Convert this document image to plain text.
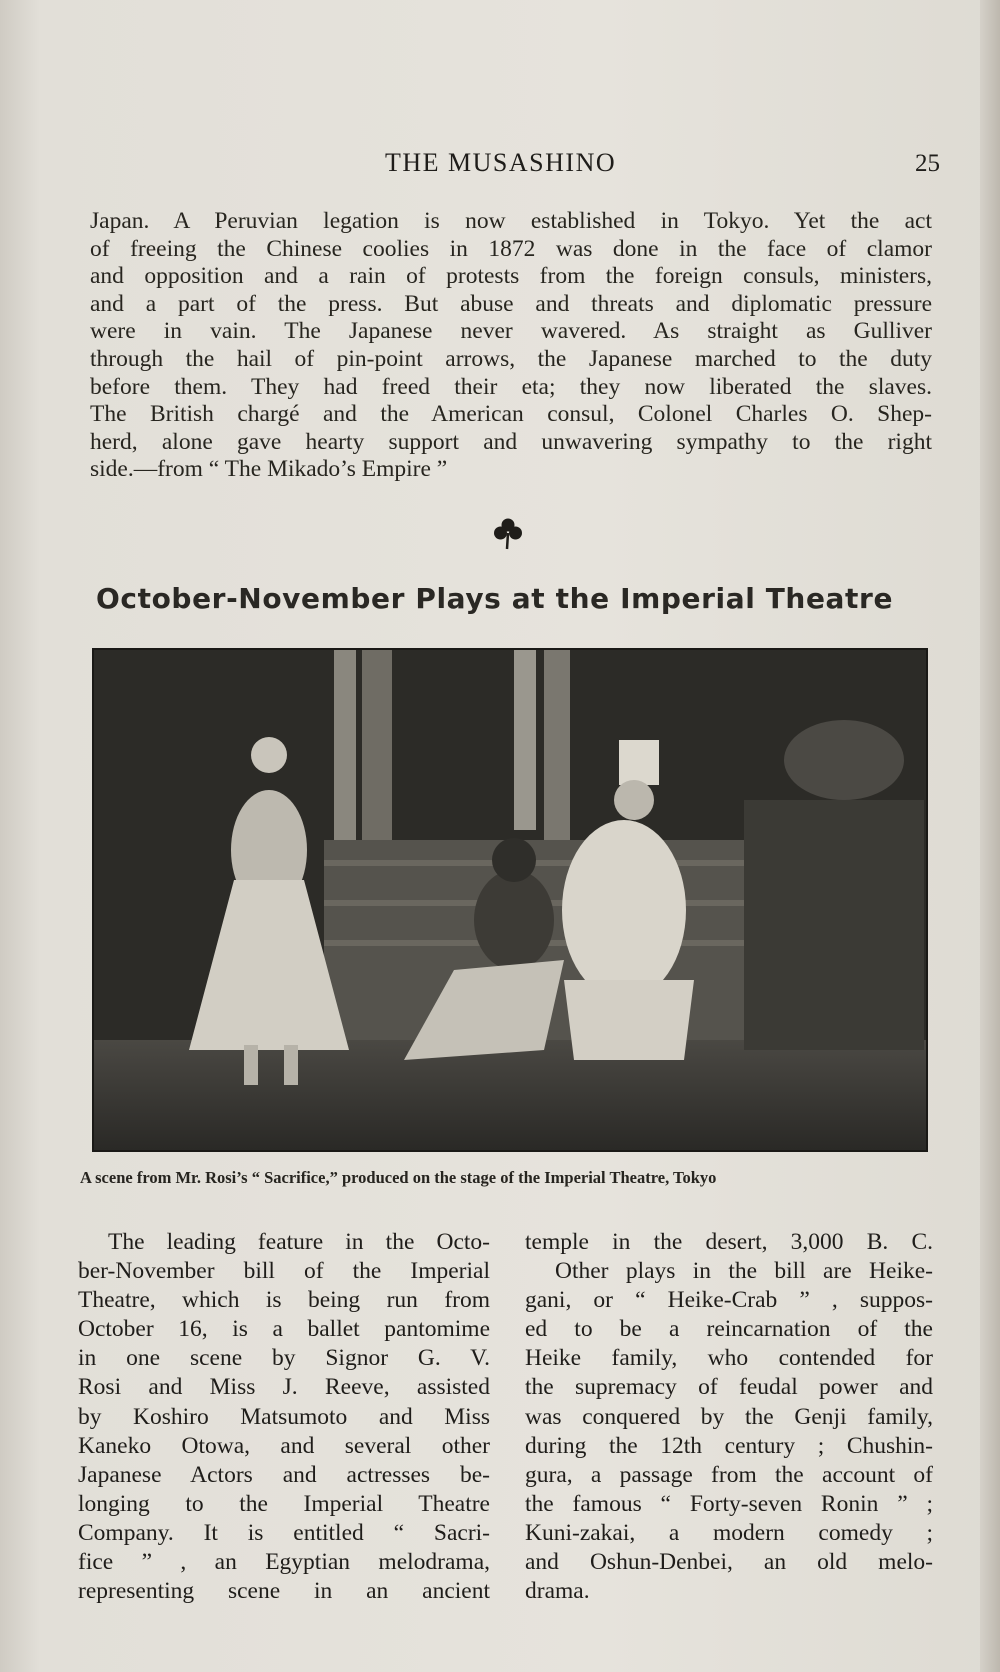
THE MUSASHINO	25
Japan. A Peruvian legation is now established in Tokyo. Yet the act
of freeing the Chinese coolies in 1872 was done in the face of clamor
and opposition and a rain of protests from the foreign consuls, ministers,
and a part of the press. But abuse and threats and diplomatic pressure
were in vain. The Japanese never wavered. As straight as Gulliver
through the hail of pin-point arrows, the Japanese marched to the duty
before them. They had freed their eta; they now liberated the slaves.
The British chargé and the American consul, Colonel Charles O. Shep-
herd, alone gave hearty support and unwavering sympathy to the right
side.—from “ The Mikado’s Empire ”
October-November Plays at the Imperial Theatre
A scene from Mr. Rosi’s “ Sacrifice,” produced on the stage of the Imperial Theatre, Tokyo
The leading feature in the Octo-
ber-November bill of the Imperial
Theatre, which is being run from
October 16, is a ballet pantomime
in one scene by Signor G. V.
Rosi and Miss J. Reeve, assisted
by Koshiro Matsumoto and Miss
Kaneko Otowa, and several other
Japanese Actors and actresses be-
longing to the Imperial Theatre
Company. It is entitled “ Sacri-
fice ” , an Egyptian melodrama,
representing scene in an ancient
temple in the desert, 3,000 B. C.
Other plays in the bill are Heike-
gani, or “ Heike-Crab ” , suppos-
ed to be a reincarnation of the
Heike family, who contended for
the supremacy of feudal power and
was conquered by the Genji family,
during the 12th century ; Chushin-
gura, a passage from the account of
the famous “ Forty-seven Ronin ” ;
Kuni-zakai, a modern comedy ;
and Oshun-Denbei, an old melo-
drama.
